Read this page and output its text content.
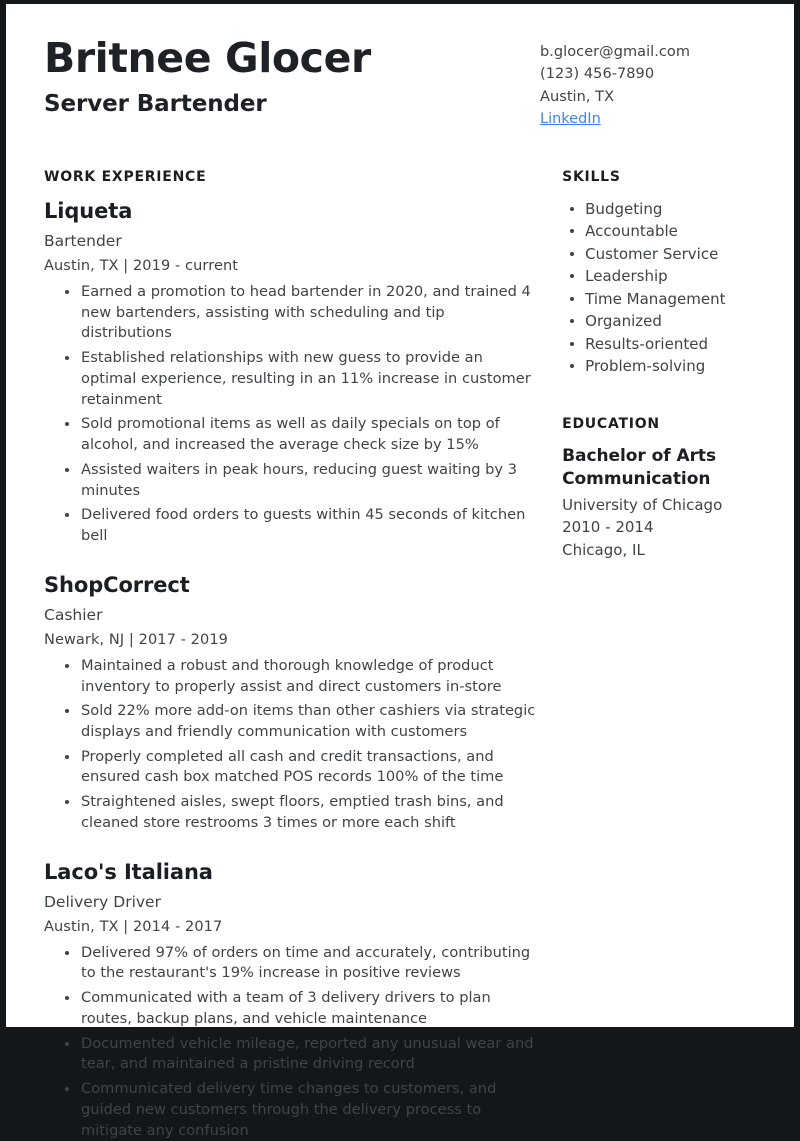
Britnee Glocer
Server Bartender
b.glocer@gmail.com
(123) 456-7890
Austin, TX
LinkedIn
WORK EXPERIENCE
Liqueta
Bartender
Austin, TX | 2019 - current
Earned a promotion to head bartender in 2020, and trained 4 new bartenders, assisting with scheduling and tip distributions
Established relationships with new guess to provide an optimal experience, resulting in an 11% increase in customer retainment
Sold promotional items as well as daily specials on top of alcohol, and increased the average check size by 15%
Assisted waiters in peak hours, reducing guest waiting by 3 minutes
Delivered food orders to guests within 45 seconds of kitchen bell
ShopCorrect
Cashier
Newark, NJ | 2017 - 2019
Maintained a robust and thorough knowledge of product inventory to properly assist and direct customers in-store
Sold 22% more add-on items than other cashiers via strategic displays and friendly communication with customers
Properly completed all cash and credit transactions, and ensured cash box matched POS records 100% of the time
Straightened aisles, swept floors, emptied trash bins, and cleaned store restrooms 3 times or more each shift
Laco's Italiana
Delivery Driver
Austin, TX | 2014 - 2017
Delivered 97% of orders on time and accurately, contributing to the restaurant's 19% increase in positive reviews
Communicated with a team of 3 delivery drivers to plan routes, backup plans, and vehicle maintenance
Documented vehicle mileage, reported any unusual wear and tear, and maintained a pristine driving record
Communicated delivery time changes to customers, and guided new customers through the delivery process to mitigate any confusion
SKILLS
Budgeting
Accountable
Customer Service
Leadership
Time Management
Organized
Results-oriented
Problem-solving
EDUCATION
Bachelor of Arts
Communication
University of Chicago
2010 - 2014
Chicago, IL
